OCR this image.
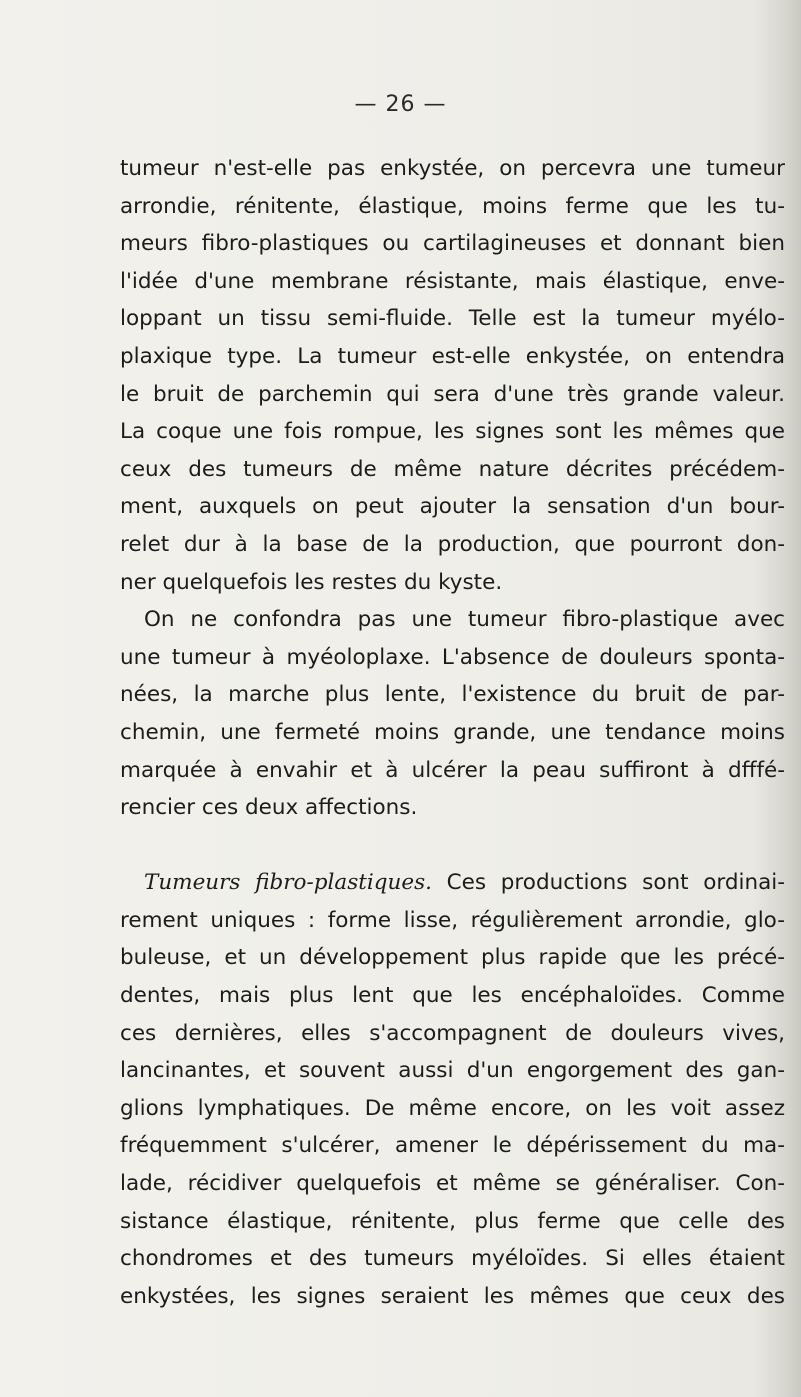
— 26 —
tumeur n'est-elle pas enkystée, on percevra une tumeur
arrondie, rénitente, élastique, moins ferme que les tu-
meurs fibro-plastiques ou cartilagineuses et donnant bien
l'idée d'une membrane résistante, mais élastique, enve-
loppant un tissu semi-fluide. Telle est la tumeur myélo-
plaxique type. La tumeur est-elle enkystée, on entendra
le bruit de parchemin qui sera d'une très grande valeur.
La coque une fois rompue, les signes sont les mêmes que
ceux des tumeurs de même nature décrites précédem-
ment, auxquels on peut ajouter la sensation d'un bour-
relet dur à la base de la production, que pourront don-
ner quelquefois les restes du kyste.
On ne confondra pas une tumeur fibro-plastique avec
une tumeur à myéoloplaxe. L'absence de douleurs sponta-
nées, la marche plus lente, l'existence du bruit de par-
chemin, une fermeté moins grande, une tendance moins
marquée à envahir et à ulcérer la peau suffiront à dfffé-
rencier ces deux affections.
Tumeurs fibro-plastiques. Ces productions sont ordinai-
rement uniques : forme lisse, régulièrement arrondie, glo-
buleuse, et un développement plus rapide que les précé-
dentes, mais plus lent que les encéphaloïdes. Comme
ces dernières, elles s'accompagnent de douleurs vives,
lancinantes, et souvent aussi d'un engorgement des gan-
glions lymphatiques. De même encore, on les voit assez
fréquemment s'ulcérer, amener le dépérissement du ma-
lade, récidiver quelquefois et même se généraliser. Con-
sistance élastique, rénitente, plus ferme que celle des
chondromes et des tumeurs myéloïdes. Si elles étaient
enkystées, les signes seraient les mêmes que ceux des
